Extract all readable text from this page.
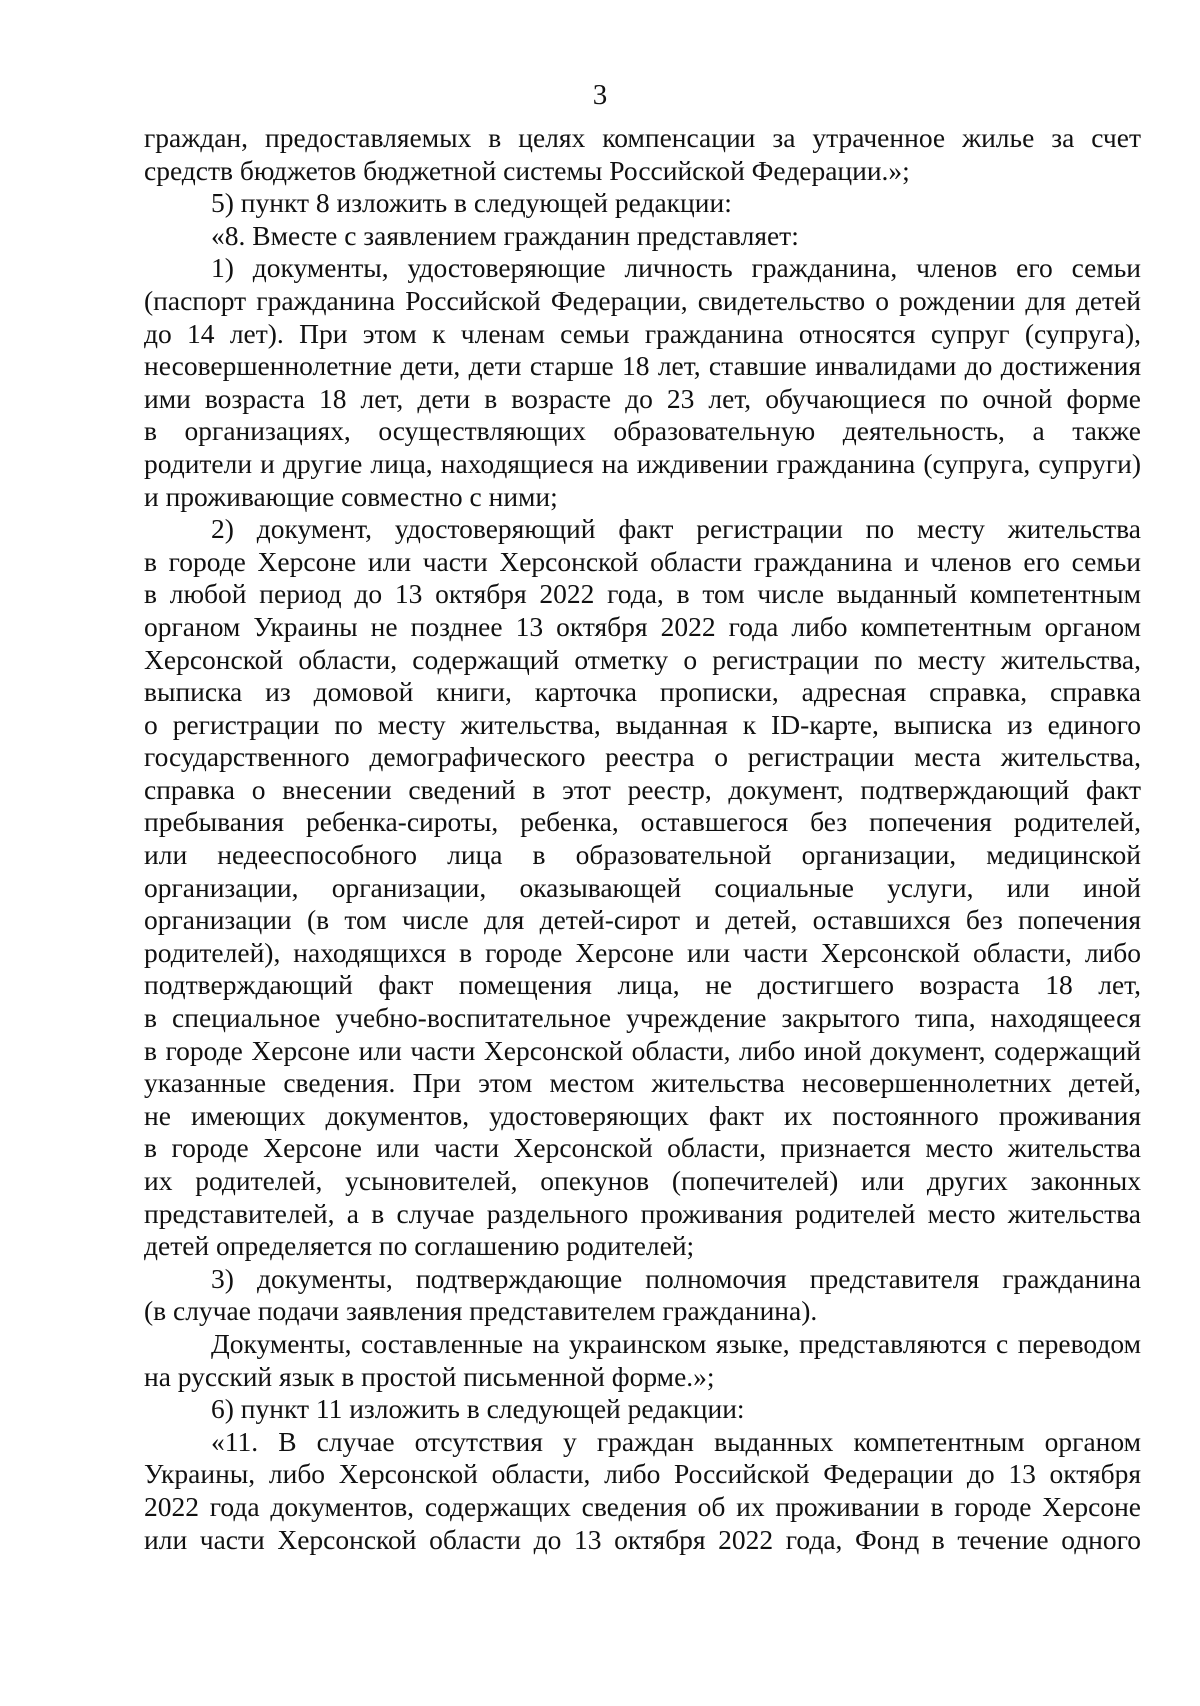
3
граждан, предоставляемых в целях компенсации за утраченное жилье за счет
средств бюджетов бюджетной системы Российской Федерации.»;
5) пункт 8 изложить в следующей редакции:
«8. Вместе с заявлением гражданин представляет:
1) документы, удостоверяющие личность гражданина, членов его семьи
(паспорт гражданина Российской Федерации, свидетельство о рождении для детей
до 14 лет). При этом к членам семьи гражданина относятся супруг (супруга),
несовершеннолетние дети, дети старше 18 лет, ставшие инвалидами до достижения
ими возраста 18 лет, дети в возрасте до 23 лет, обучающиеся по очной форме
в организациях, осуществляющих образовательную деятельность, а также
родители и другие лица, находящиеся на иждивении гражданина (супруга, супруги)
и проживающие совместно с ними;
2) документ, удостоверяющий факт регистрации по месту жительства
в городе Херсоне или части Херсонской области гражданина и членов его семьи
в любой период до 13 октября 2022 года, в том числе выданный компетентным
органом Украины не позднее 13 октября 2022 года либо компетентным органом
Херсонской области, содержащий отметку о регистрации по месту жительства,
выписка из домовой книги, карточка прописки, адресная справка, справка
о регистрации по месту жительства, выданная к ID-карте, выписка из единого
государственного демографического реестра о регистрации места жительства,
справка о внесении сведений в этот реестр, документ, подтверждающий факт
пребывания ребенка-сироты, ребенка, оставшегося без попечения родителей,
или недееспособного лица в образовательной организации, медицинской
организации, организации, оказывающей социальные услуги, или иной
организации (в том числе для детей-сирот и детей, оставшихся без попечения
родителей), находящихся в городе Херсоне или части Херсонской области, либо
подтверждающий факт помещения лица, не достигшего возраста 18 лет,
в специальное учебно-воспитательное учреждение закрытого типа, находящееся
в городе Херсоне или части Херсонской области, либо иной документ, содержащий
указанные сведения. При этом местом жительства несовершеннолетних детей,
не имеющих документов, удостоверяющих факт их постоянного проживания
в городе Херсоне или части Херсонской области, признается место жительства
их родителей, усыновителей, опекунов (попечителей) или других законных
представителей, а в случае раздельного проживания родителей место жительства
детей определяется по соглашению родителей;
3) документы, подтверждающие полномочия представителя гражданина
(в случае подачи заявления представителем гражданина).
Документы, составленные на украинском языке, представляются с переводом
на русский язык в простой письменной форме.»;
6) пункт 11 изложить в следующей редакции:
«11. В случае отсутствия у граждан выданных компетентным органом
Украины, либо Херсонской области, либо Российской Федерации до 13 октября
2022 года документов, содержащих сведения об их проживании в городе Херсоне
или части Херсонской области до 13 октября 2022 года, Фонд в течение одного
